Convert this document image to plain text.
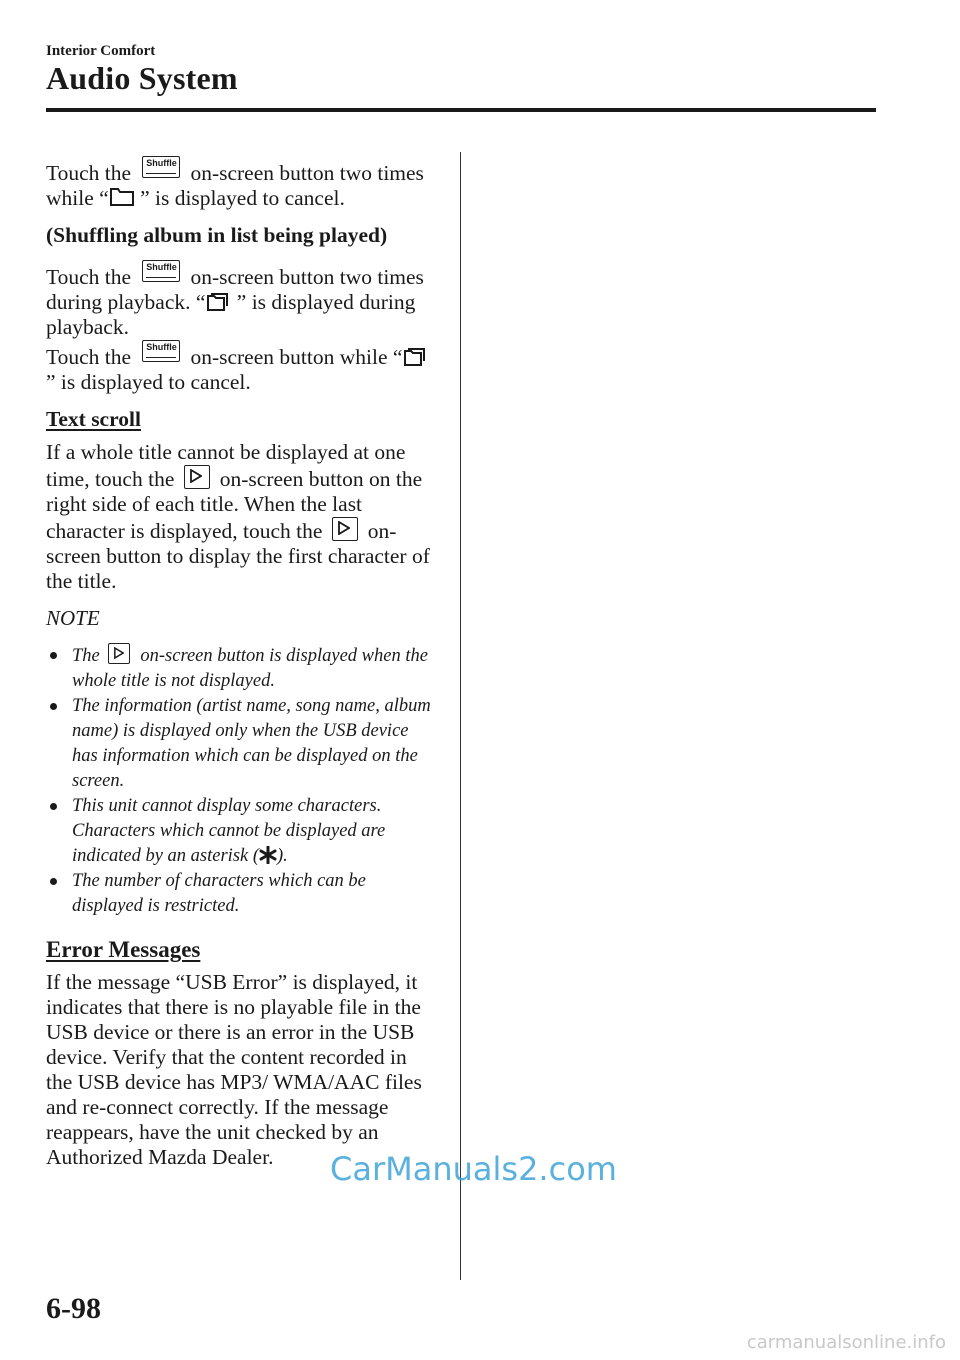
Interior Comfort

Audio System

Touch the	Shuffle on-screen button two times while “ ” is displayed to cancel.

(Shuffling album in list being played)

Touch the	Shuffle on-screen button two times during playback. “ ” is displayed during playback.

Touch the	Shuffle on-screen button while “ ” is displayed to cancel.

Text scroll

If a whole title cannot be displayed at one time, touch the on-screen button on the right side of each title. When the last character is displayed, touch the on-screen button to display the first character of the title.

NOTE

The on-screen button is displayed when the whole title is not displayed.
The information (artist name, song name, album name) is displayed only when the USB device has information which can be displayed on the screen.
This unit cannot display some characters. Characters which cannot be displayed are indicated by an asterisk ( ).
The number of characters which can be displayed is restricted.
Error Messages

If the message “USB Error” is displayed, it indicates that there is no playable file in the USB device or there is an error in the USB device. Verify that the content recorded in the USB device has MP3/ WMA/AAC files and re-connect correctly. If the message reappears, have the unit checked by an Authorized Mazda Dealer.	CarManuals2.com

6-98

carmanualsonline.info
